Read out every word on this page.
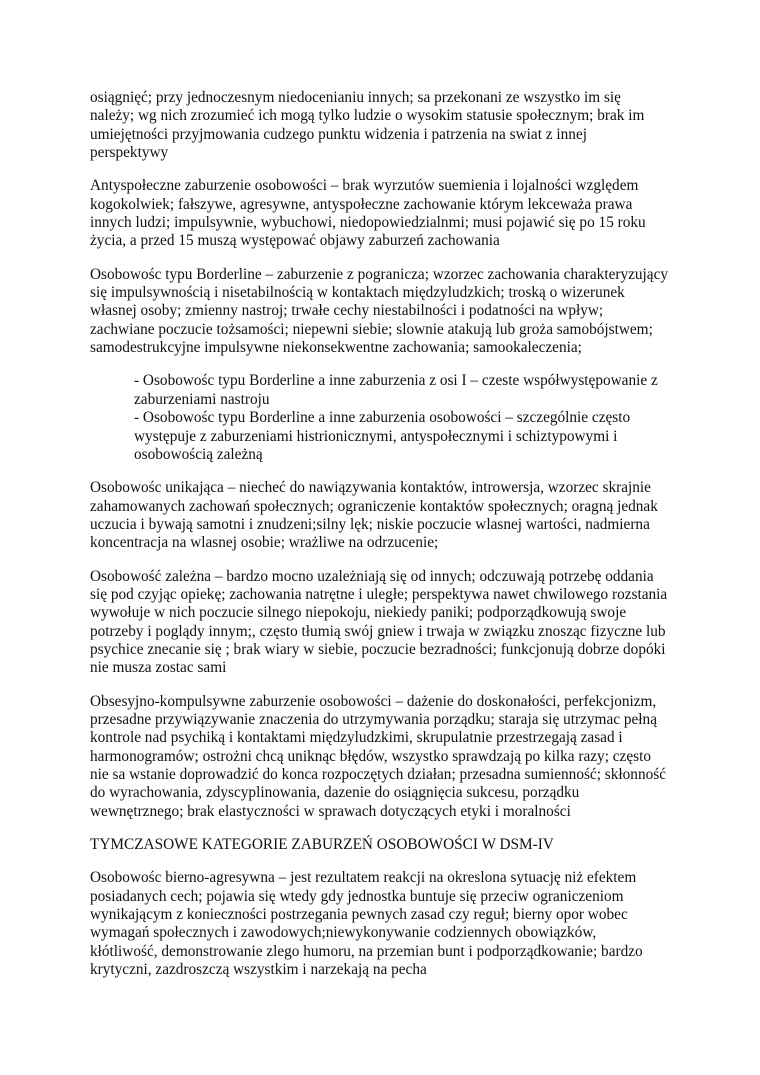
osiągnięć; przy jednoczesnym niedocenianiu innych; sa przekonani ze wszystko im się
należy; wg nich zrozumieć ich mogą tylko ludzie o wysokim statusie społecznym; brak im
umiejętności przyjmowania cudzego punktu widzenia i patrzenia na swiat z innej
perspektywy
Antyspołeczne zaburzenie osobowości – brak wyrzutów suemienia i lojalności względem
kogokolwiek; fałszywe, agresywne, antyspołeczne zachowanie którym lekceważa prawa
innych ludzi; impulsywnie, wybuchowi, niedopowiedzialnmi; musi pojawić się po 15 roku
życia, a przed 15 muszą występować objawy zaburzeń zachowania
Osobowośc typu Borderline – zaburzenie z pogranicza; wzorzec zachowania charakteryzujący
się impulsywnością i nisetabilnością w kontaktach międzyludzkich; troską o wizerunek
własnej osoby; zmienny nastroj; trwałe cechy niestabilności i podatności na wpływ;
zachwiane poczucie tożsamości; niepewni siebie; slownie atakują lub groża samobójstwem;
samodestrukcyjne impulsywne niekonsekwentne zachowania; samookaleczenia;
- Osobowośc typu Borderline a inne zaburzenia z osi I – czeste współwystępowanie z
zaburzeniami nastroju
- Osobowośc typu Borderline a inne zaburzenia osobowości – szczególnie często
występuje z zaburzeniami histrionicznymi, antyspołecznymi i schiztypowymi i
osobowością zależną
Osobowośc unikająca – niecheć do nawiązywania kontaktów, introwersja, wzorzec skrajnie
zahamowanych zachowań społecznych; ograniczenie kontaktów społecznych; oragną jednak
uczucia i bywają samotni i znudzeni;silny lęk; niskie poczucie wlasnej wartości, nadmierna
koncentracja na wlasnej osobie; wrażliwe na odrzucenie;
Osobowość zależna – bardzo mocno uzależniają się od innych; odczuwają potrzebę oddania
się pod czyjąc opiekę; zachowania natrętne i uległe; perspektywa nawet chwilowego rozstania
wywołuje w nich poczucie silnego niepokoju, niekiedy paniki; podporządkowują swoje
potrzeby i poglądy innym;, często tłumią swój gniew i trwaja w związku znosząc fizyczne lub
psychice znecanie się ; brak wiary w siebie, poczucie bezradności; funkcjonują dobrze dopóki
nie musza zostac sami
Obsesyjno-kompulsywne zaburzenie osobowości – dażenie do doskonałości, perfekcjonizm,
przesadne przywiązywanie znaczenia do utrzymywania porządku; staraja się utrzymac pełną
kontrole nad psychiką i kontaktami międzyludzkimi, skrupulatnie przestrzegają zasad i
harmonogramów; ostrożni chcą uniknąc błędów, wszystko sprawdzają po kilka razy; często
nie sa wstanie doprowadzić do konca rozpoczętych działan; przesadna sumienność; skłonność
do wyrachowania, zdyscyplinowania, dazenie do osiągnięcia sukcesu, porządku
wewnętrznego; brak elastyczności w sprawach dotyczących etyki i moralności
TYMCZASOWE KATEGORIE ZABURZEŃ OSOBOWOŚCI W DSM-IV
Osobowośc bierno-agresywna – jest rezultatem reakcji na okreslona sytuację niż efektem
posiadanych cech; pojawia się wtedy gdy jednostka buntuje się przeciw ograniczeniom
wynikającym z konieczności postrzegania pewnych zasad czy reguł; bierny opor wobec
wymagań społecznych i zawodowych;niewykonywanie codziennych obowiązków,
kłótliwość, demonstrowanie zlego humoru, na przemian bunt i podporządkowanie; bardzo
krytyczni, zazdroszczą wszystkim i narzekają na pecha
